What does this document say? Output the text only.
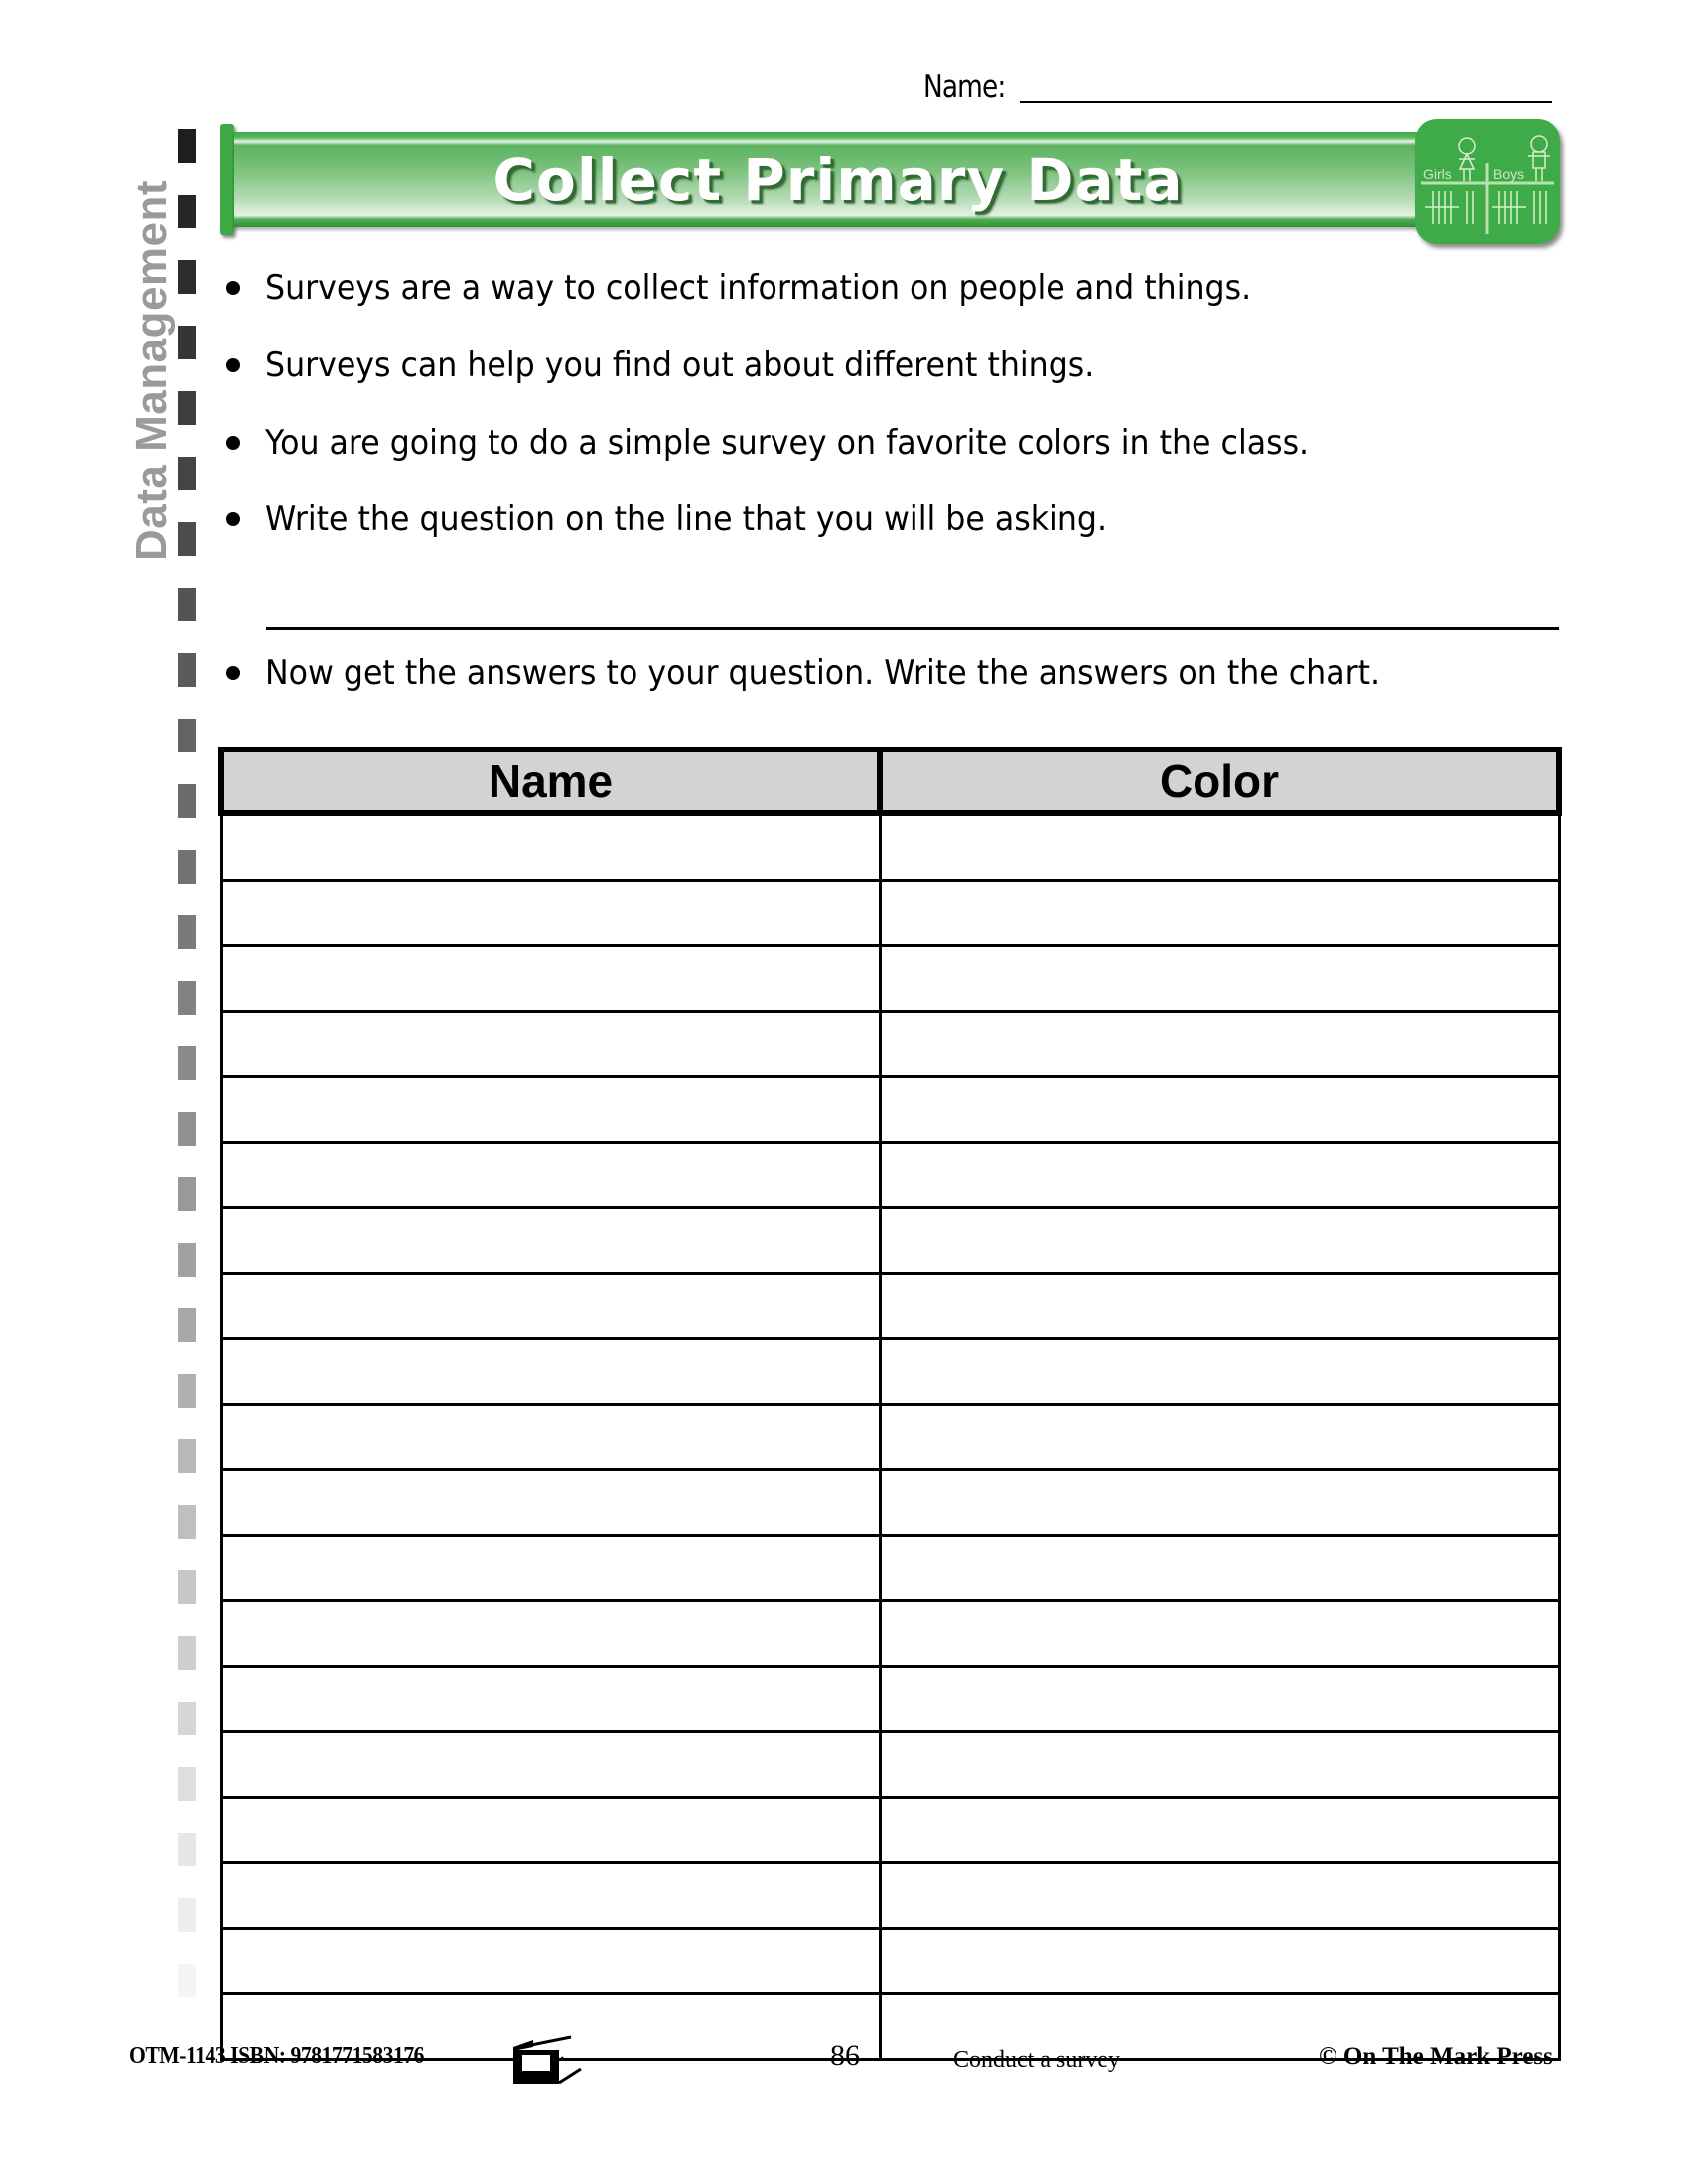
Name:
Data Management	Collect Primary Data	Girls	Boys
Surveys are a way to collect information on people and things.
Surveys can help you find out about different things.
You are going to do a simple survey on favorite colors in the class.
Write the question on the line that you will be asking.
Now get the answers to your question. Write the answers on the chart.
Name	Color

OTM-1143 ISBN: 9781771583176	86	Conduct a survey	© On The Mark Press
